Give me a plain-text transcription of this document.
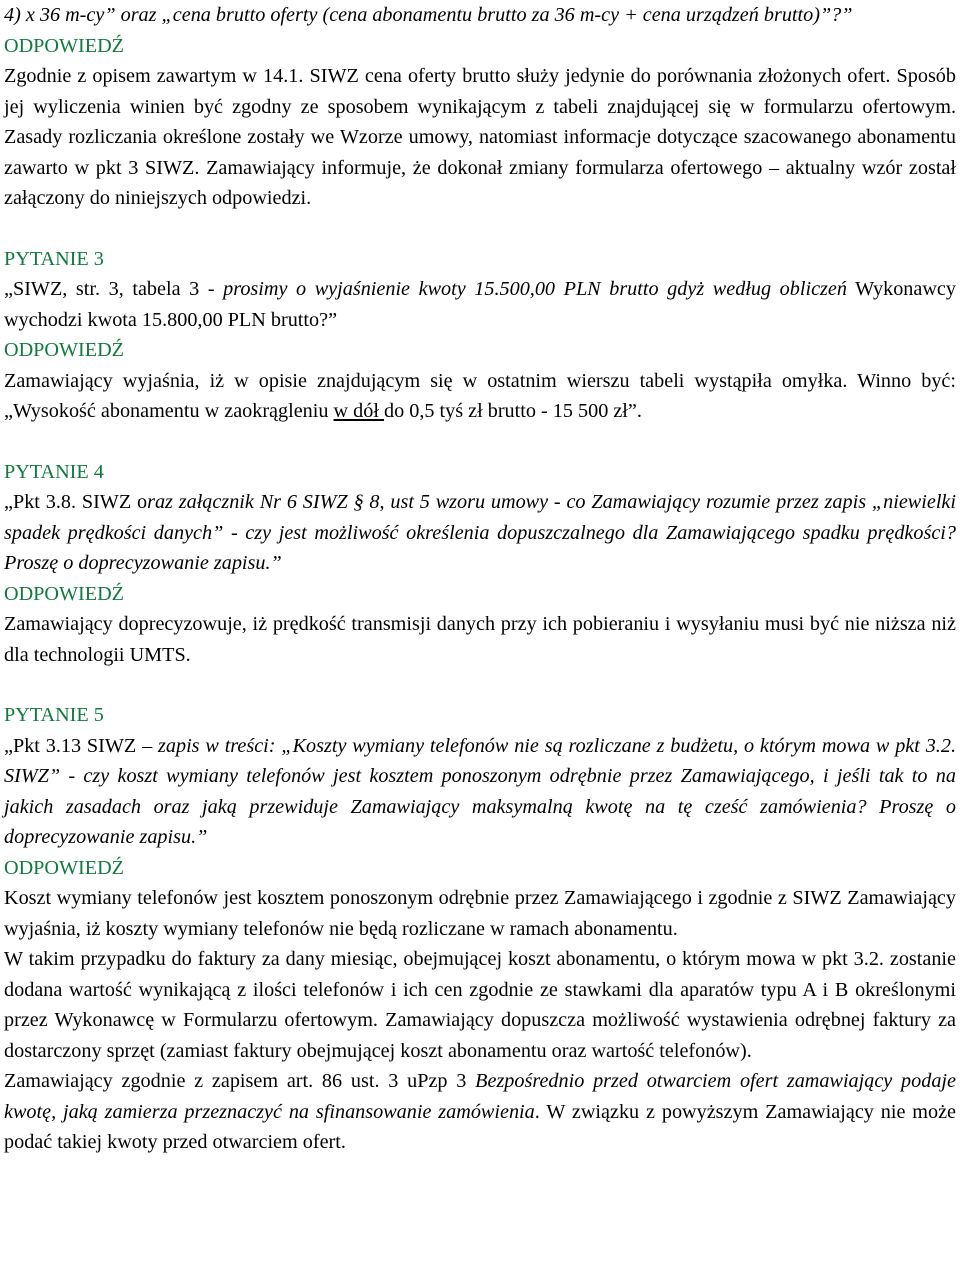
4) x 36 m-cy” oraz „cena brutto oferty (cena abonamentu brutto za 36 m-cy + cena urządzeń brutto)”?”

ODPOWIEDŹ

Zgodnie z opisem zawartym w 14.1. SIWZ cena oferty brutto służy jedynie do porównania złożonych ofert. Sposób jej wyliczenia winien być zgodny ze sposobem wynikającym z tabeli znajdującej się w formularzu ofertowym. Zasady rozliczania określone zostały we Wzorze umowy, natomiast informacje dotyczące szacowanego abonamentu zawarto w pkt 3 SIWZ. Zamawiający informuje, że dokonał zmiany formularza ofertowego – aktualny wzór został załączony do niniejszych odpowiedzi.

PYTANIE 3

„SIWZ, str. 3, tabela 3 - prosimy o wyjaśnienie kwoty 15.500,00 PLN brutto gdyż według obliczeń Wykonawcy wychodzi kwota 15.800,00 PLN brutto?”

ODPOWIEDŹ

Zamawiający wyjaśnia, iż w opisie znajdującym się w ostatnim wierszu tabeli wystąpiła omyłka. Winno być: „Wysokość abonamentu w zaokrągleniu w dół do 0,5 tyś zł brutto - 15 500 zł”.

PYTANIE 4

„Pkt 3.8. SIWZ oraz załącznik Nr 6 SIWZ § 8, ust 5 wzoru umowy - co Zamawiający rozumie przez zapis „niewielki spadek prędkości danych” - czy jest możliwość określenia dopuszczalnego dla Zamawiającego spadku prędkości? Proszę o doprecyzowanie zapisu.”

ODPOWIEDŹ

Zamawiający doprecyzowuje, iż prędkość transmisji danych przy ich pobieraniu i wysyłaniu musi być nie niższa niż dla technologii UMTS.

PYTANIE 5

„Pkt 3.13 SIWZ – zapis w treści: „Koszty wymiany telefonów nie są rozliczane z budżetu, o którym mowa w pkt 3.2. SIWZ” - czy koszt wymiany telefonów jest kosztem ponoszonym odrębnie przez Zamawiającego, i jeśli tak to na jakich zasadach oraz jaką przewiduje Zamawiający maksymalną kwotę na tę cześć zamówienia? Proszę o doprecyzowanie zapisu.”

ODPOWIEDŹ

Koszt wymiany telefonów jest kosztem ponoszonym odrębnie przez Zamawiającego i zgodnie z SIWZ Zamawiający wyjaśnia, iż koszty wymiany telefonów nie będą rozliczane w ramach abonamentu.

W takim przypadku do faktury za dany miesiąc, obejmującej koszt abonamentu, o którym mowa w pkt 3.2. zostanie dodana wartość wynikającą z ilości telefonów i ich cen zgodnie ze stawkami dla aparatów typu A i B określonymi przez Wykonawcę w Formularzu ofertowym. Zamawiający dopuszcza możliwość wystawienia odrębnej faktury za dostarczony sprzęt (zamiast faktury obejmującej koszt abonamentu oraz wartość telefonów).

Zamawiający zgodnie z zapisem art. 86 ust. 3 uPzp 3 Bezpośrednio przed otwarciem ofert zamawiający podaje kwotę, jaką zamierza przeznaczyć na sfinansowanie zamówienia. W związku z powyższym Zamawiający nie może podać takiej kwoty przed otwarciem ofert.
